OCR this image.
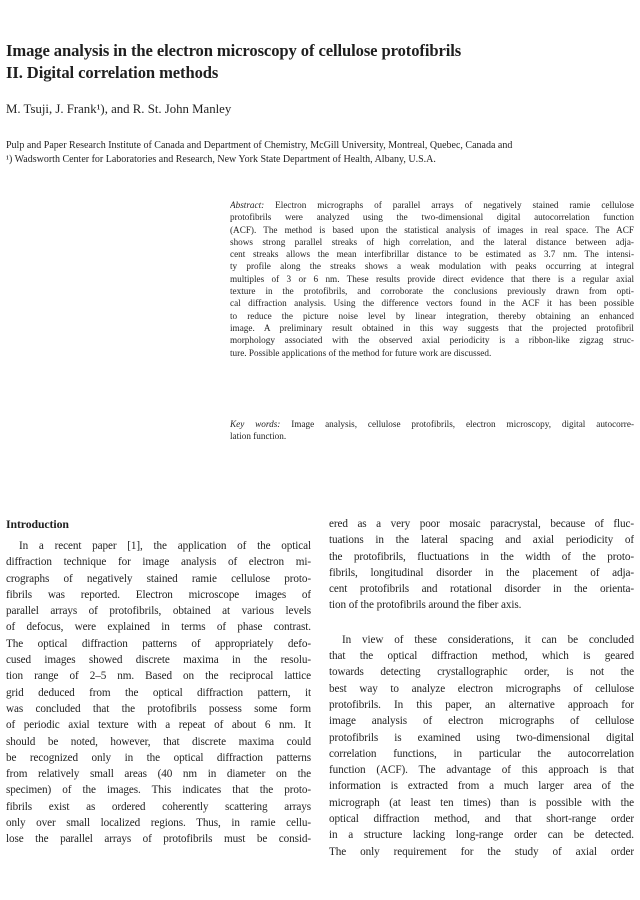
Image analysis in the electron microscopy of cellulose protofibrils
II. Digital correlation methods
M. Tsuji, J. Frank¹), and R. St. John Manley
Pulp and Paper Research Institute of Canada and Department of Chemistry, McGill University, Montreal, Quebec, Canada and
¹) Wadsworth Center for Laboratories and Research, New York State Department of Health, Albany, U.S.A.
Abstract: Electron micrographs of parallel arrays of negatively stained ramie cellulose
protofibrils were analyzed using the two-dimensional digital autocorrelation function
(ACF). The method is based upon the statistical analysis of images in real space. The ACF
shows strong parallel streaks of high correlation, and the lateral distance between adja-
cent streaks allows the mean interfibrillar distance to be estimated as 3.7 nm. The intensi-
ty profile along the streaks shows a weak modulation with peaks occurring at integral
multiples of 3 or 6 nm. These results provide direct evidence that there is a regular axial
texture in the protofibrils, and corroborate the conclusions previously drawn from opti-
cal diffraction analysis. Using the difference vectors found in the ACF it has been possible
to reduce the picture noise level by linear integration, thereby obtaining an enhanced
image. A preliminary result obtained in this way suggests that the projected protofibril
morphology associated with the observed axial periodicity is a ribbon-like zigzag struc-
ture. Possible applications of the method for future work are discussed.
Key words: Image analysis, cellulose protofibrils, electron microscopy, digital autocorre-
lation function.
Introduction
In a recent paper [1], the application of the optical
diffraction technique for image analysis of electron mi-
crographs of negatively stained ramie cellulose proto-
fibrils was reported. Electron microscope images of
parallel arrays of protofibrils, obtained at various levels
of defocus, were explained in terms of phase contrast.
The optical diffraction patterns of appropriately defo-
cused images showed discrete maxima in the resolu-
tion range of 2–5 nm. Based on the reciprocal lattice
grid deduced from the optical diffraction pattern, it
was concluded that the protofibrils possess some form
of periodic axial texture with a repeat of about 6 nm. It
should be noted, however, that discrete maxima could
be recognized only in the optical diffraction patterns
from relatively small areas (40 nm in diameter on the
specimen) of the images. This indicates that the proto-
fibrils exist as ordered coherently scattering arrays
only over small localized regions. Thus, in ramie cellu-
lose the parallel arrays of protofibrils must be consid-
ered as a very poor mosaic paracrystal, because of fluc-
tuations in the lateral spacing and axial periodicity of
the protofibrils, fluctuations in the width of the proto-
fibrils, longitudinal disorder in the placement of adja-
cent protofibrils and rotational disorder in the orienta-
tion of the protofibrils around the fiber axis.
In view of these considerations, it can be concluded
that the optical diffraction method, which is geared
towards detecting crystallographic order, is not the
best way to analyze electron micrographs of cellulose
protofibrils. In this paper, an alternative approach for
image analysis of electron micrographs of cellulose
protofibrils is examined using two-dimensional digital
correlation functions, in particular the autocorrelation
function (ACF). The advantage of this approach is that
information is extracted from a much larger area of the
micrograph (at least ten times) than is possible with the
optical diffraction method, and that short-range order
in a structure lacking long-range order can be detected.
The only requirement for the study of axial order
